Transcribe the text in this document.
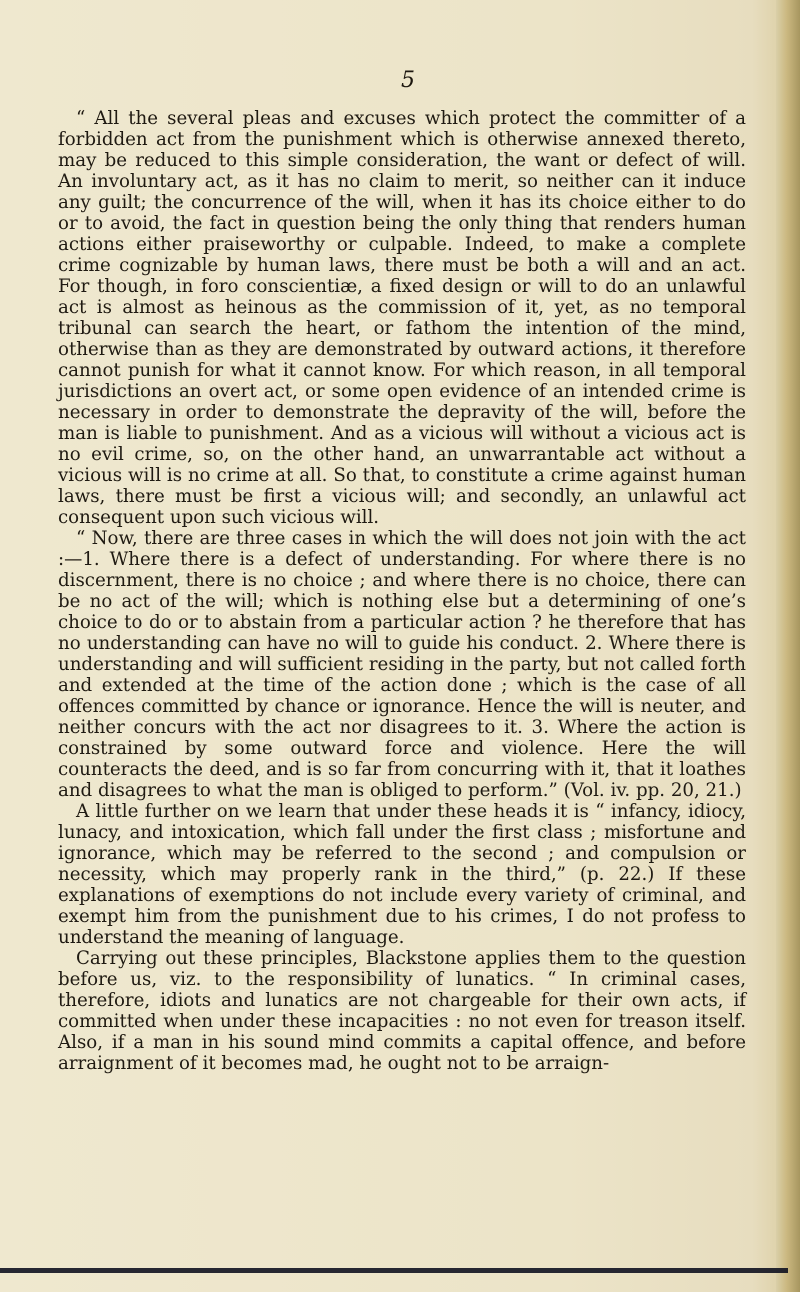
5

“ All the several pleas and excuses which protect the committer of a forbidden act from the punishment which is otherwise annexed thereto, may be reduced to this simple consideration, the want or defect of will. An involuntary act, as it has no claim to merit, so neither can it induce any guilt; the concurrence of the will, when it has its choice either to do or to avoid, the fact in question being the only thing that renders human actions either praiseworthy or culpable. Indeed, to make a complete crime cognizable by human laws, there must be both a will and an act. For though, in foro conscientiæ, a fixed design or will to do an unlawful act is almost as heinous as the commission of it, yet, as no temporal tribunal can search the heart, or fathom the intention of the mind, otherwise than as they are demonstrated by outward actions, it therefore cannot punish for what it cannot know. For which reason, in all temporal jurisdictions an overt act, or some open evidence of an intended crime is necessary in order to demonstrate the depravity of the will, before the man is liable to punishment. And as a vicious will without a vicious act is no evil crime, so, on the other hand, an unwarrantable act without a vicious will is no crime at all. So that, to constitute a crime against human laws, there must be first a vicious will; and secondly, an unlawful act consequent upon such vicious will.

“ Now, there are three cases in which the will does not join with the act :—1. Where there is a defect of understanding. For where there is no discernment, there is no choice ; and where there is no choice, there can be no act of the will; which is nothing else but a determining of one’s choice to do or to abstain from a particular action ? he therefore that has no understanding can have no will to guide his conduct. 2. Where there is understanding and will sufficient residing in the party, but not called forth and extended at the time of the action done ; which is the case of all offences committed by chance or ignorance. Hence the will is neuter, and neither concurs with the act nor disagrees to it. 3. Where the action is constrained by some outward force and violence. Here the will counteracts the deed, and is so far from concurring with it, that it loathes and disagrees to what the man is obliged to perform.” (Vol. iv. pp. 20, 21.)

A little further on we learn that under these heads it is “ infancy, idiocy, lunacy, and intoxication, which fall under the first class ; misfortune and ignorance, which may be referred to the second ; and compulsion or necessity, which may properly rank in the third,” (p. 22.) If these explanations of exemptions do not include every variety of criminal, and exempt him from the punishment due to his crimes, I do not profess to understand the meaning of language.

Carrying out these principles, Blackstone applies them to the question before us, viz. to the responsibility of lunatics. “ In criminal cases, therefore, idiots and lunatics are not chargeable for their own acts, if committed when under these incapacities : no not even for treason itself. Also, if a man in his sound mind commits a capital offence, and before arraignment of it becomes mad, he ought not to be arraign-
